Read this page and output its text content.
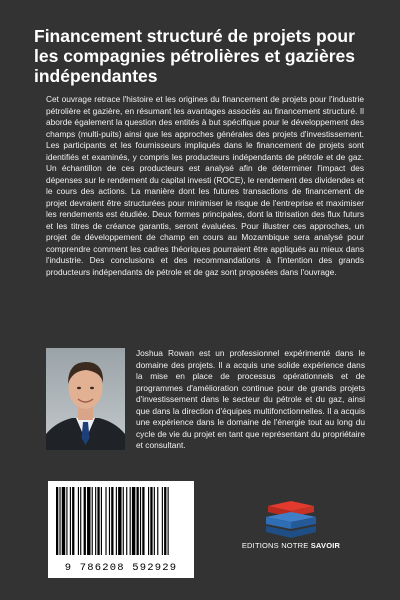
Financement structuré de projets pour les compagnies pétrolières et gazières indépendantes

Cet ouvrage retrace l'histoire et les origines du financement de projets pour l'industrie pétrolière et gazière, en résumant les avantages associés au financement structuré. Il aborde également la question des entités à but spécifique pour le développement des champs (multi-puits) ainsi que les approches générales des projets d'investissement. Les participants et les fournisseurs impliqués dans le financement de projets sont identifiés et examinés, y compris les producteurs indépendants de pétrole et de gaz. Un échantillon de ces producteurs est analysé afin de déterminer l'impact des dépenses sur le rendement du capital investi (ROCE), le rendement des dividendes et le cours des actions. La manière dont les futures transactions de financement de projet devraient être structurées pour minimiser le risque de l'entreprise et maximiser les rendements est étudiée. Deux formes principales, dont la titrisation des flux futurs et les titres de créance garantis, seront évaluées. Pour illustrer ces approches, un projet de développement de champ en cours au Mozambique sera analysé pour comprendre comment les cadres théoriques pourraient être appliqués au mieux dans l'industrie. Des conclusions et des recommandations à l'intention des grands producteurs indépendants de pétrole et de gaz sont proposées dans l'ouvrage.

Joshua Rowan est un professionnel expérimenté dans le domaine des projets. Il a acquis une solide expérience dans la mise en place de processus opérationnels et de programmes d'amélioration continue pour de grands projets d'investissement dans le secteur du pétrole et du gaz, ainsi que dans la direction d'équipes multifonctionnelles. Il a acquis une expérience dans le domaine de l'énergie tout au long du cycle de vie du projet en tant que représentant du propriétaire et consultant.

9 786208 592929
EDITIONS NOTRE SAVOIR
